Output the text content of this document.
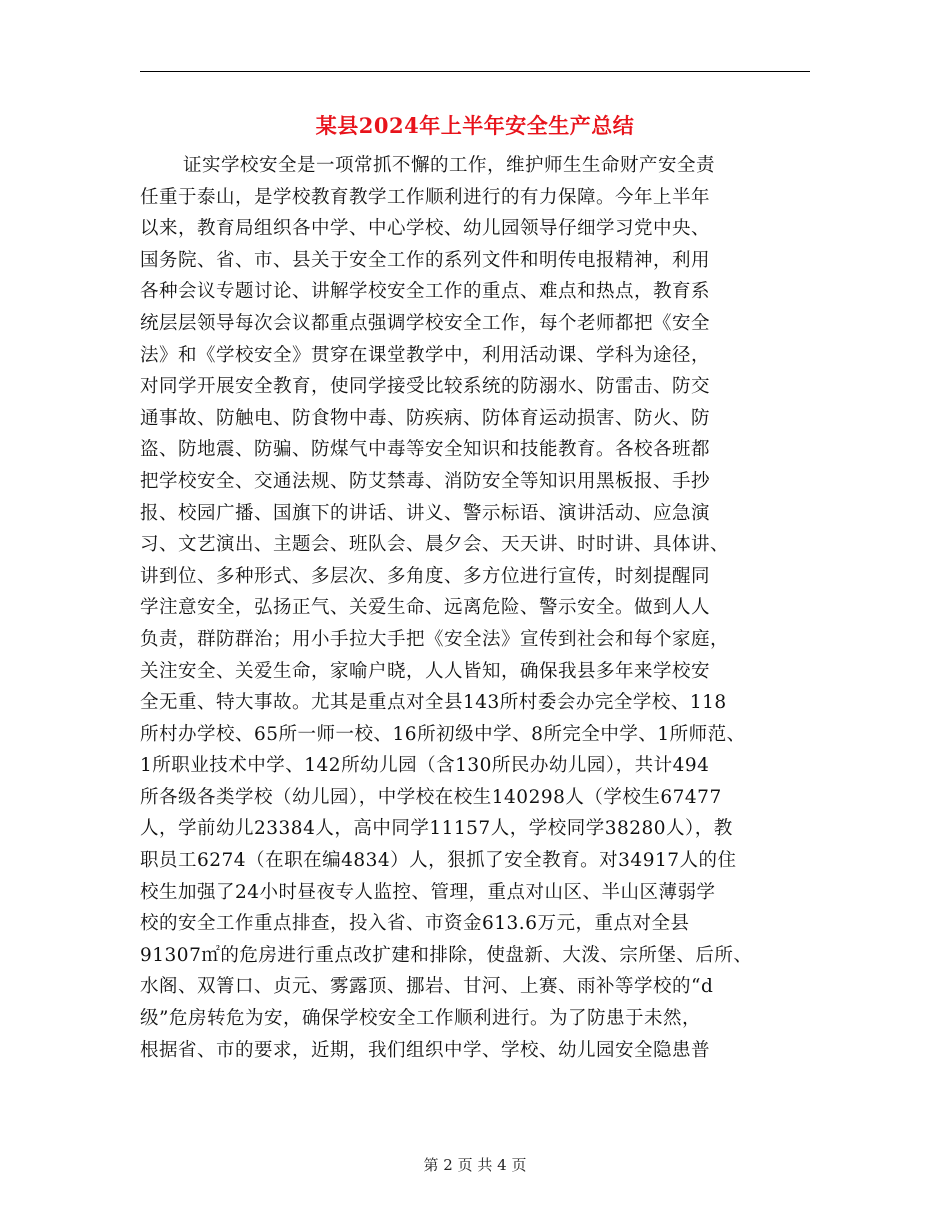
某县2024年上半年安全生产总结
证实学校安全是一项常抓不懈的工作，维护师生生命财产安全责
任重于泰山，是学校教育教学工作顺利进行的有力保障。今年上半年
以来，教育局组织各中学、中心学校、幼儿园领导仔细学习党中央、
国务院、省、市、县关于安全工作的系列文件和明传电报精神，利用
各种会议专题讨论、讲解学校安全工作的重点、难点和热点，教育系
统层层领导每次会议都重点强调学校安全工作，每个老师都把《安全
法》和《学校安全》贯穿在课堂教学中，利用活动课、学科为途径，
对同学开展安全教育，使同学接受比较系统的防溺水、防雷击、防交
通事故、防触电、防食物中毒、防疾病、防体育运动损害、防火、防
盗、防地震、防骗、防煤气中毒等安全知识和技能教育。各校各班都
把学校安全、交通法规、防艾禁毒、消防安全等知识用黑板报、手抄
报、校园广播、国旗下的讲话、讲义、警示标语、演讲活动、应急演
习、文艺演出、主题会、班队会、晨夕会、天天讲、时时讲、具体讲、
讲到位、多种形式、多层次、多角度、多方位进行宣传，时刻提醒同
学注意安全，弘扬正气、关爱生命、远离危险、警示安全。做到人人
负责，群防群治；用小手拉大手把《安全法》宣传到社会和每个家庭，
关注安全、关爱生命，家喻户晓，人人皆知，确保我县多年来学校安
全无重、特大事故。尤其是重点对全县143所村委会办完全学校、118
所村办学校、65所一师一校、16所初级中学、8所完全中学、1所师范、
1所职业技术中学、142所幼儿园（含130所民办幼儿园），共计494
所各级各类学校（幼儿园），中学校在校生140298人（学校生67477
人，学前幼儿23384人，高中同学11157人，学校同学38280人），教
职员工6274（在职在编4834）人，狠抓了安全教育。对34917人的住
校生加强了24小时昼夜专人监控、管理，重点对山区、半山区薄弱学
校的安全工作重点排查，投入省、市资金613.6万元，重点对全县
91307㎡的危房进行重点改扩建和排除，使盘新、大泼、宗所堡、后所、
水阁、双箐口、贞元、雾露顶、挪岩、甘河、上赛、雨补等学校的“d
级”危房转危为安，确保学校安全工作顺利进行。为了防患于未然，
根据省、市的要求，近期，我们组织中学、学校、幼儿园安全隐患普
第 2 页 共 4 页
